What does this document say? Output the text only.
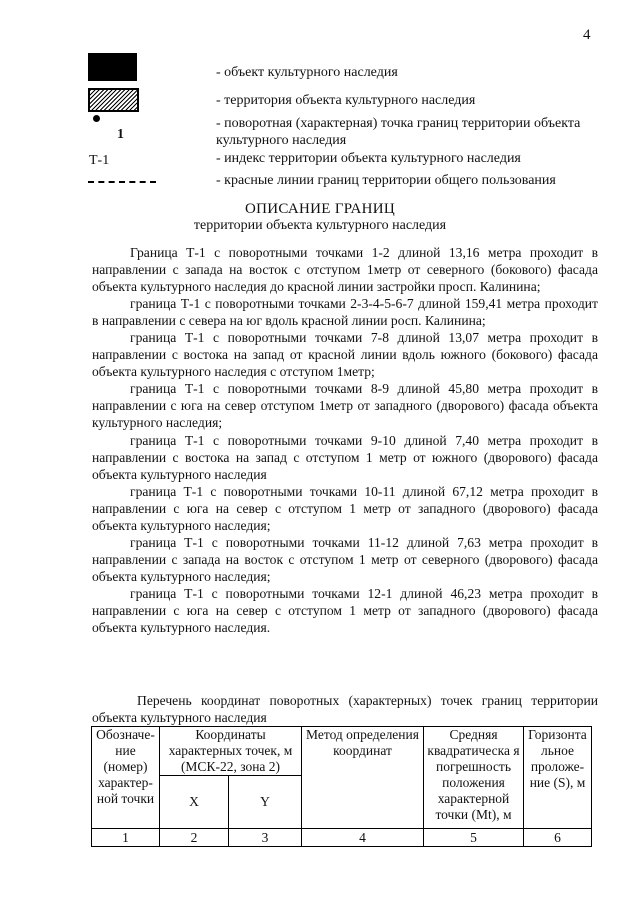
4
- объект культурного наследия
- территория объекта культурного наследия
1
- поворотная (характерная) точка границ территории объекта культурного наследия
Т-1	- индекс территории объекта культурного наследия
- красные линии границ территории общего пользования
ОПИСАНИЕ ГРАНИЦ
территории объекта культурного наследия

Граница Т-1 с поворотными точками 1-2 длиной 13,16 метра проходит в направлении с запада на восток с отступом 1метр от северного (бокового) фасада объекта культурного наследия до красной линии застройки просп. Калинина;

граница Т-1 с поворотными точками 2-3-4-5-6-7 длиной 159,41 метра проходит в направлении с севера на юг вдоль красной линии росп. Калинина;

граница Т-1 с поворотными точками 7-8 длиной 13,07 метра проходит в направлении с востока на запад от красной линии вдоль южного (бокового) фасада объекта культурного наследия с отступом 1метр;

граница Т-1 с поворотными точками 8-9 длиной 45,80 метра проходит в направлении с юга на север отступом 1метр от западного (дворового) фасада объекта культурного наследия;

граница Т-1 с поворотными точками 9-10 длиной 7,40 метра проходит в направлении с востока на запад с отступом 1 метр от южного (дворового) фасада объекта культурного наследия

граница Т-1 с поворотными точками 10-11 длиной 67,12 метра проходит в направлении с юга на север с отступом 1 метр от западного (дворового) фасада объекта культурного наследия;

граница Т-1 с поворотными точками 11-12 длиной 7,63 метра проходит в направлении с запада на восток с отступом 1 метр от северного (дворового) фасада объекта культурного наследия;

граница Т-1 с поворотными точками 12-1 длиной 46,23 метра проходит в направлении с юга на север с отступом 1 метр от западного (дворового) фасада объекта культурного наследия.

Перечень координат поворотных (характерных) точек границ территории объекта культурного наследия

Обозначе-ние (номер) характер-ной точки	Координаты характерных точек, м (МСК-22, зона 2)		Метод определения координат	Средняя квадратическа я погрешность положения характерной точки (Mt), м	Горизонта льное проложе-ние (S), м
	X	Y			
1	2	3	4	5	6
